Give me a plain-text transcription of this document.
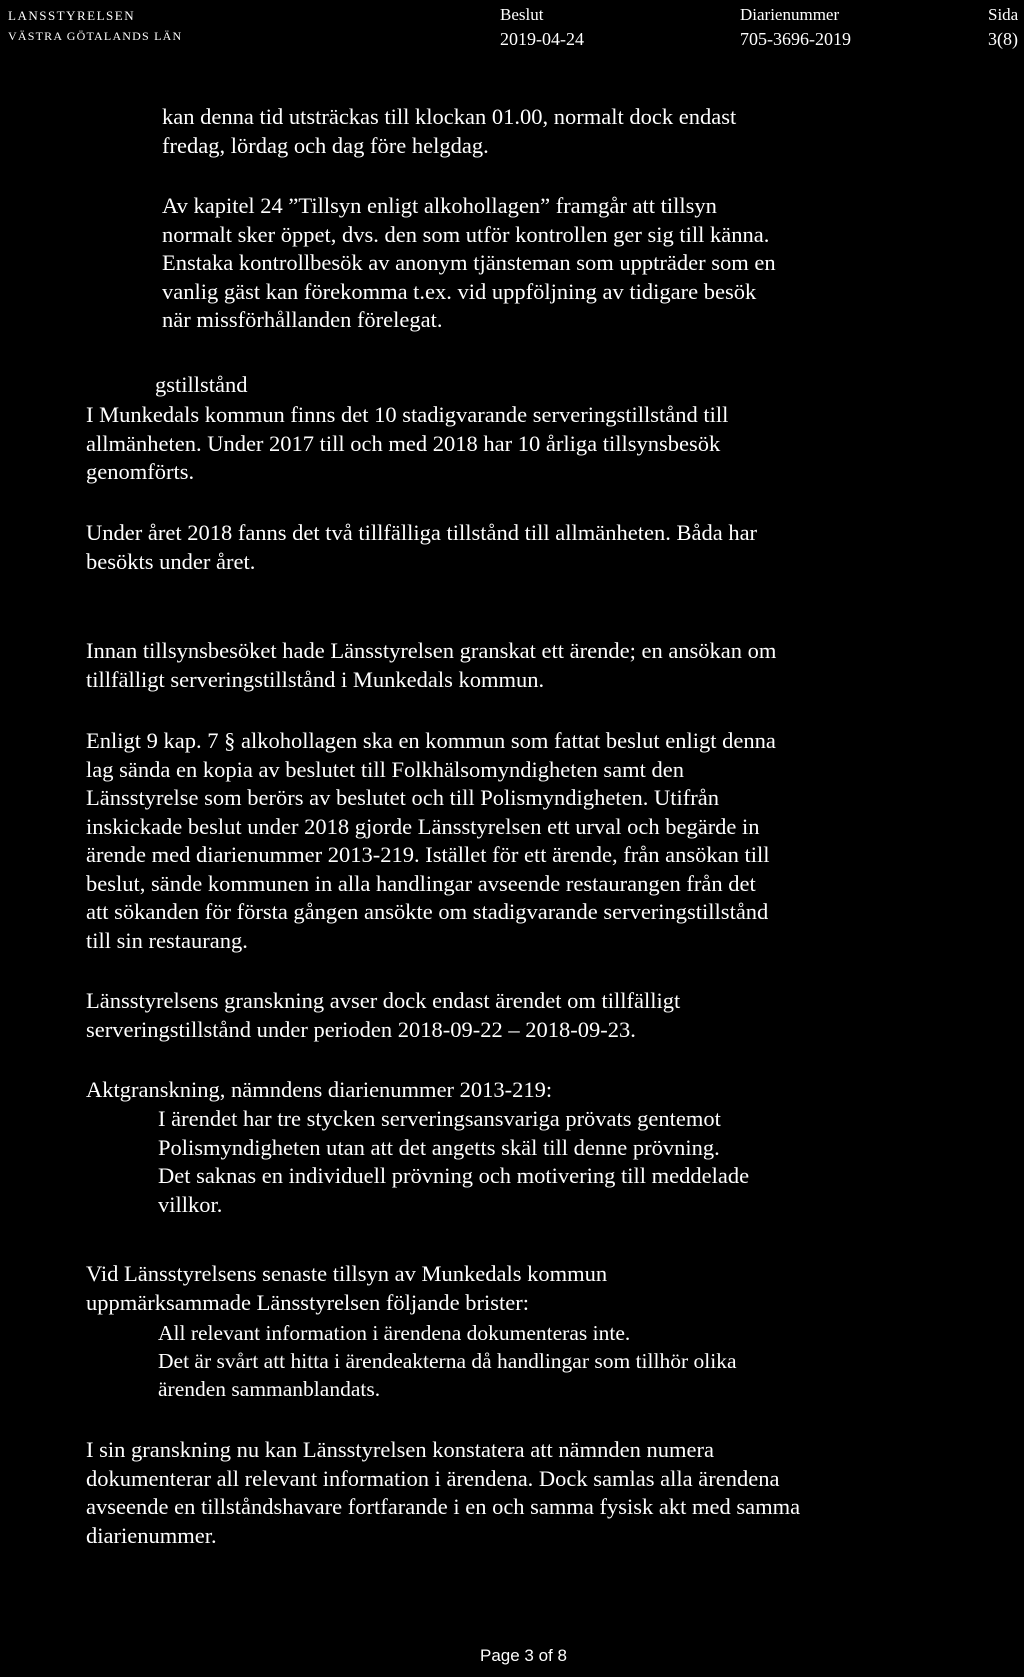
LANSSTYRELSEN
VÄSTRA GÖTALANDS LÄN
Beslut
2019-04-24
Diarienummer
705-3696-2019
Sida
3(8)
kan denna tid utsträckas till klockan 01.00, normalt dock endast
fredag, lördag och dag före helgdag.
Av kapitel 24 ”Tillsyn enligt alkohollagen” framgår att tillsyn
normalt sker öppet, dvs. den som utför kontrollen ger sig till känna.
Enstaka kontrollbesök av anonym tjänsteman som uppträder som en
vanlig gäst kan förekomma t.ex. vid uppföljning av tidigare besök
när missförhållanden förelegat.
gstillstånd
I Munkedals kommun finns det 10 stadigvarande serveringstillstånd till
allmänheten. Under 2017 till och med 2018 har 10 årliga tillsynsbesök
genomförts.
Under året 2018 fanns det två tillfälliga tillstånd till allmänheten. Båda har
besökts under året.
Innan tillsynsbesöket hade Länsstyrelsen granskat ett ärende; en ansökan om
tillfälligt serveringstillstånd i Munkedals kommun.
Enligt 9 kap. 7 § alkohollagen ska en kommun som fattat beslut enligt denna
lag sända en kopia av beslutet till Folkhälsomyndigheten samt den
Länsstyrelse som berörs av beslutet och till Polismyndigheten. Utifrån
inskickade beslut under 2018 gjorde Länsstyrelsen ett urval och begärde in
ärende med diarienummer 2013-219. Istället för ett ärende, från ansökan till
beslut, sände kommunen in alla handlingar avseende restaurangen från det
att sökanden för första gången ansökte om stadigvarande serveringstillstånd
till sin restaurang.
Länsstyrelsens granskning avser dock endast ärendet om tillfälligt
serveringstillstånd under perioden 2018-09-22 – 2018-09-23.
Aktgranskning, nämndens diarienummer 2013-219:
I ärendet har tre stycken serveringsansvariga prövats gentemot
Polismyndigheten utan att det angetts skäl till denne prövning.
Det saknas en individuell prövning och motivering till meddelade
villkor.
Vid Länsstyrelsens senaste tillsyn av Munkedals kommun
uppmärksammade Länsstyrelsen följande brister:
All relevant information i ärendena dokumenteras inte.
Det är svårt att hitta i ärendeakterna då handlingar som tillhör olika
ärenden sammanblandats.
I sin granskning nu kan Länsstyrelsen konstatera att nämnden numera
dokumenterar all relevant information i ärendena. Dock samlas alla ärendena
avseende en tillståndshavare fortfarande i en och samma fysisk akt med samma
diarienummer.
Page 3 of 8
